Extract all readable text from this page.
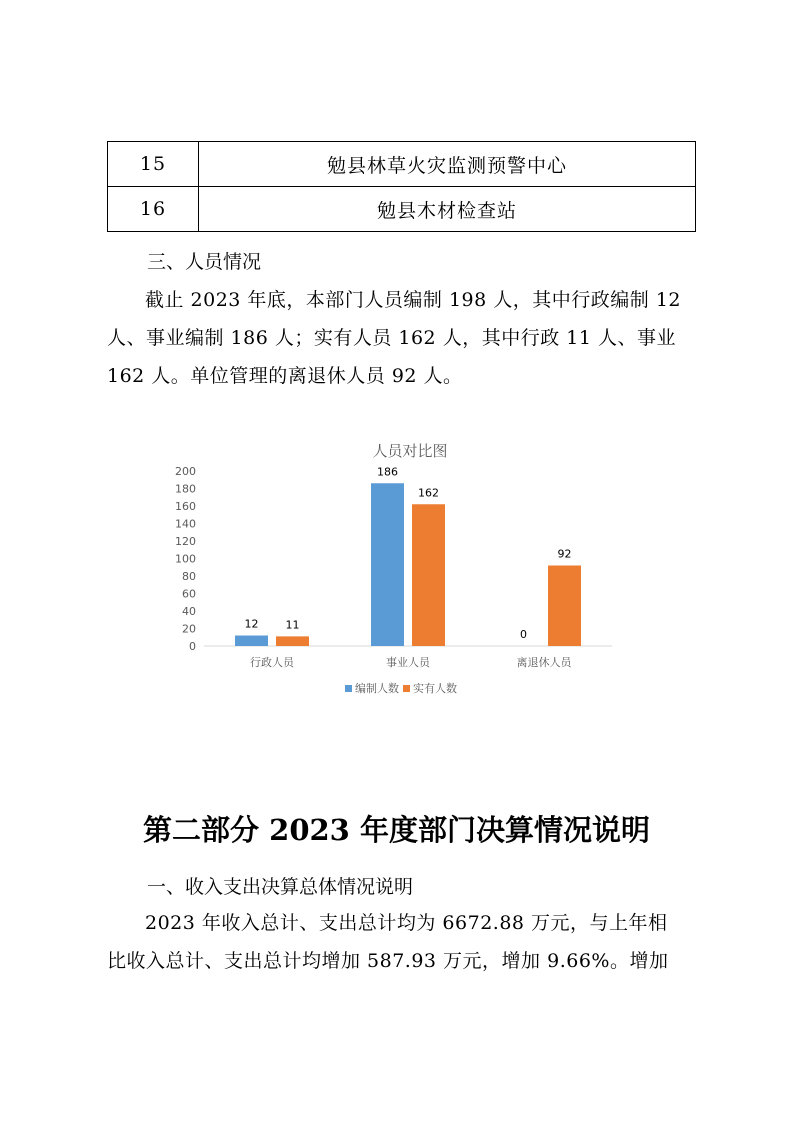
15	勉县林草火灾监测预警中心
16	勉县木材检查站
三、人员情况
截止 2023 年底，本部门人员编制 198 人，其中行政编制 12
人、事业编制 186 人；实有人员 162 人，其中行政 11 人、事业
162 人。单位管理的离退休人员 92 人。
人员对比图
0
20
40
60
80
100
120
140
160
180
200
行政人员	事业人员	离退休人员
12
186
0
11
162
92
编制人数 实有人数
第二部分 2023 年度部门决算情况说明
一、收入支出决算总体情况说明
2023 年收入总计、支出总计均为 6672.88 万元，与上年相
比收入总计、支出总计均增加 587.93 万元，增加 9.66%。增加
